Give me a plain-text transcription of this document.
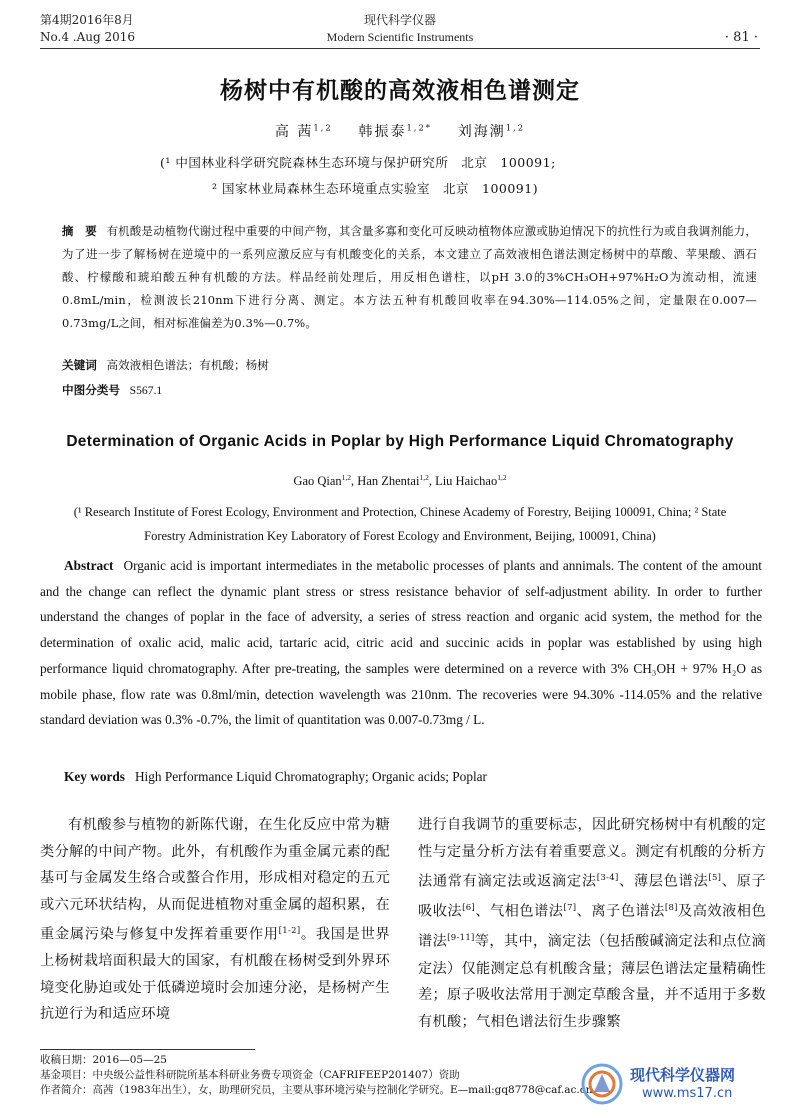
第4期2016年8月
No.4 .Aug 2016
现代科学仪器
Modern Scientific Instruments	· 81 ·
杨树中有机酸的高效液相色谱测定
高 茜$^{1,2}$ 韩振泰$^{1,2*}$ 刘海潮$^{1,2}$
(¹ 中国林业科学研究院森林生态环境与保护研究所　北京　100091;
² 国家林业局森林生态环境重点实验室　北京　100091)
摘　要 有机酸是动植物代谢过程中重要的中间产物，其含量多寡和变化可反映动植物体应激或胁迫情况下的抗性行为或自我调剂能力，为了进一步了解杨树在逆境中的一系列应激反应与有机酸变化的关系，本文建立了高效液相色谱法测定杨树中的草酸、苹果酸、酒石酸、柠檬酸和琥珀酸五种有机酸的方法。样品经前处理后，用反相色谱柱，以pH 3.0的3%CH₃OH+97%H₂O为流动相，流速0.8mL/min，检测波长210nm下进行分离、测定。本方法五种有机酸回收率在94.30%—114.05%之间，定量限在0.007—0.73mg/L之间，相对标准偏差为0.3%—0.7%。
关键词 高效液相色谱法；有机酸；杨树
中图分类号 S567.1
Determination of Organic Acids in Poplar by High Performance Liquid Chromatography
Gao Qian$^{1,2}$, Han Zhentai$^{1,2}$, Liu Haichao$^{1,2}$
(¹ Research Institute of Forest Ecology, Environment and Protection, Chinese Academy of Forestry, Beijing 100091, China; ² State
Forestry Administration Key Laboratory of Forest Ecology and Environment, Beijing, 100091, China)
Abstract Organic acid is important intermediates in the metabolic processes of plants and annimals. The content of the amount and the change can reflect the dynamic plant stress or stress resistance behavior of self-adjustment ability. In order to further understand the changes of poplar in the face of adversity, a series of stress reaction and organic acid system, the method for the determination of oxalic acid, malic acid, tartaric acid, citric acid and succinic acids in poplar was established by using high performance liquid chromatography. After pre-treating, the samples were determined on a reverce with 3% CH₃OH + 97% H₂O as mobile phase, flow rate was 0.8ml/min, detection wavelength was 210nm. The recoveries were 94.30% -114.05% and the relative standard deviation was 0.3% -0.7%, the limit of quantitation was 0.007-0.73mg / L.
Key words High Performance Liquid Chromatography; Organic acids; Poplar
有机酸参与植物的新陈代谢，在生化反应中常为糖类分解的中间产物。此外，有机酸作为重金属元素的配基可与金属发生络合或螯合作用，形成相对稳定的五元或六元环状结构，从而促进植物对重金属的超积累，在重金属污染与修复中发挥着重要作用[1-2]。我国是世界上杨树栽培面积最大的国家，有机酸在杨树受到外界环境变化胁迫或处于低磷逆境时会加速分泌，是杨树产生抗逆行为和适应环境
进行自我调节的重要标志，因此研究杨树中有机酸的定性与定量分析方法有着重要意义。测定有机酸的分析方法通常有滴定法或返滴定法[3-4]、薄层色谱法[5]、原子吸收法[6]、气相色谱法[7]、离子色谱法[8]及高效液相色谱法[9-11]等，其中，滴定法（包括酸碱滴定法和点位滴定法）仅能测定总有机酸含量；薄层色谱法定量精确性差；原子吸收法常用于测定草酸含量，并不适用于多数有机酸；气相色谱法衍生步骤繁
收稿日期：2016—05—25
基金项目：中央级公益性科研院所基本科研业务费专项资金（CAFRIFEEP201407）资助
作者简介：高茜（1983年出生），女，助理研究员，主要从事环境污染与控制化学研究。E—mail:gq8778@caf.ac.cn
现代科学仪器网
www.ms17.cn
